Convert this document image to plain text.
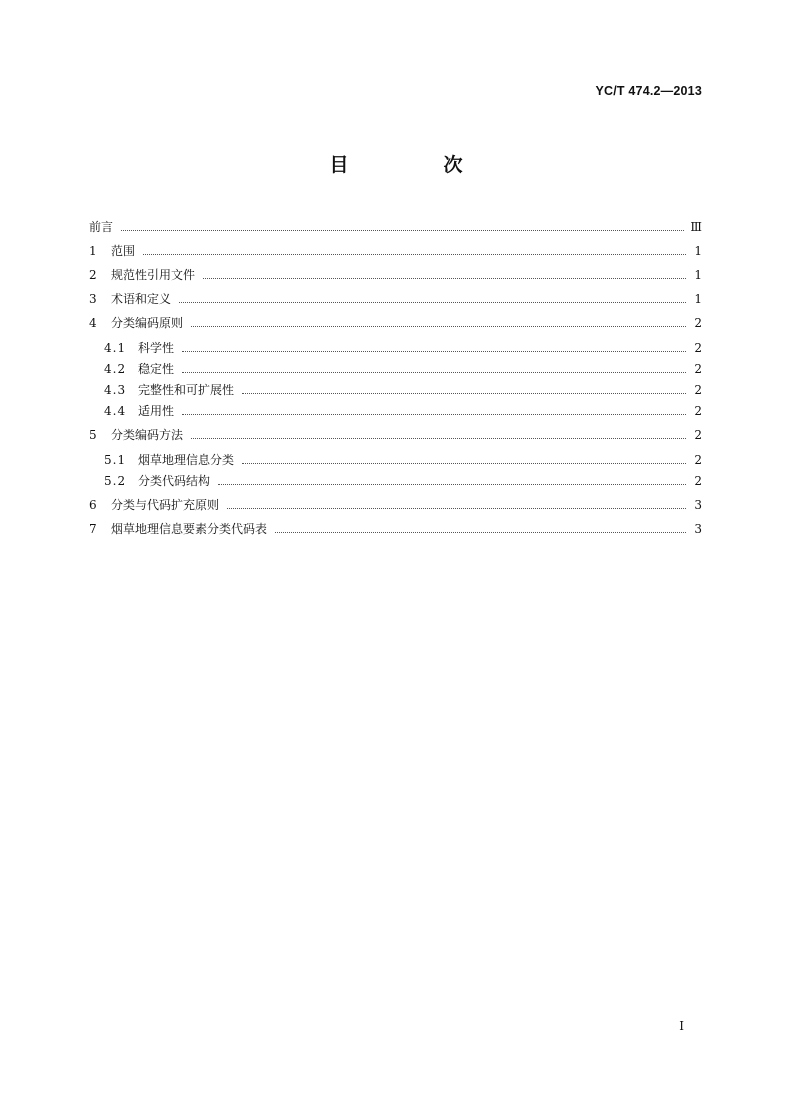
YC/T 474.2—2013
目　次
前言	Ⅲ
1	范围	1
2	规范性引用文件	1
3	术语和定义	1
4	分类编码原则	2
4.1 科学性	2
4.2 稳定性	2
4.3 完整性和可扩展性	2
4.4 适用性	2
5	分类编码方法	2
5.1 烟草地理信息分类	2
5.2 分类代码结构	2
6	分类与代码扩充原则	3
7	烟草地理信息要素分类代码表	3
I
